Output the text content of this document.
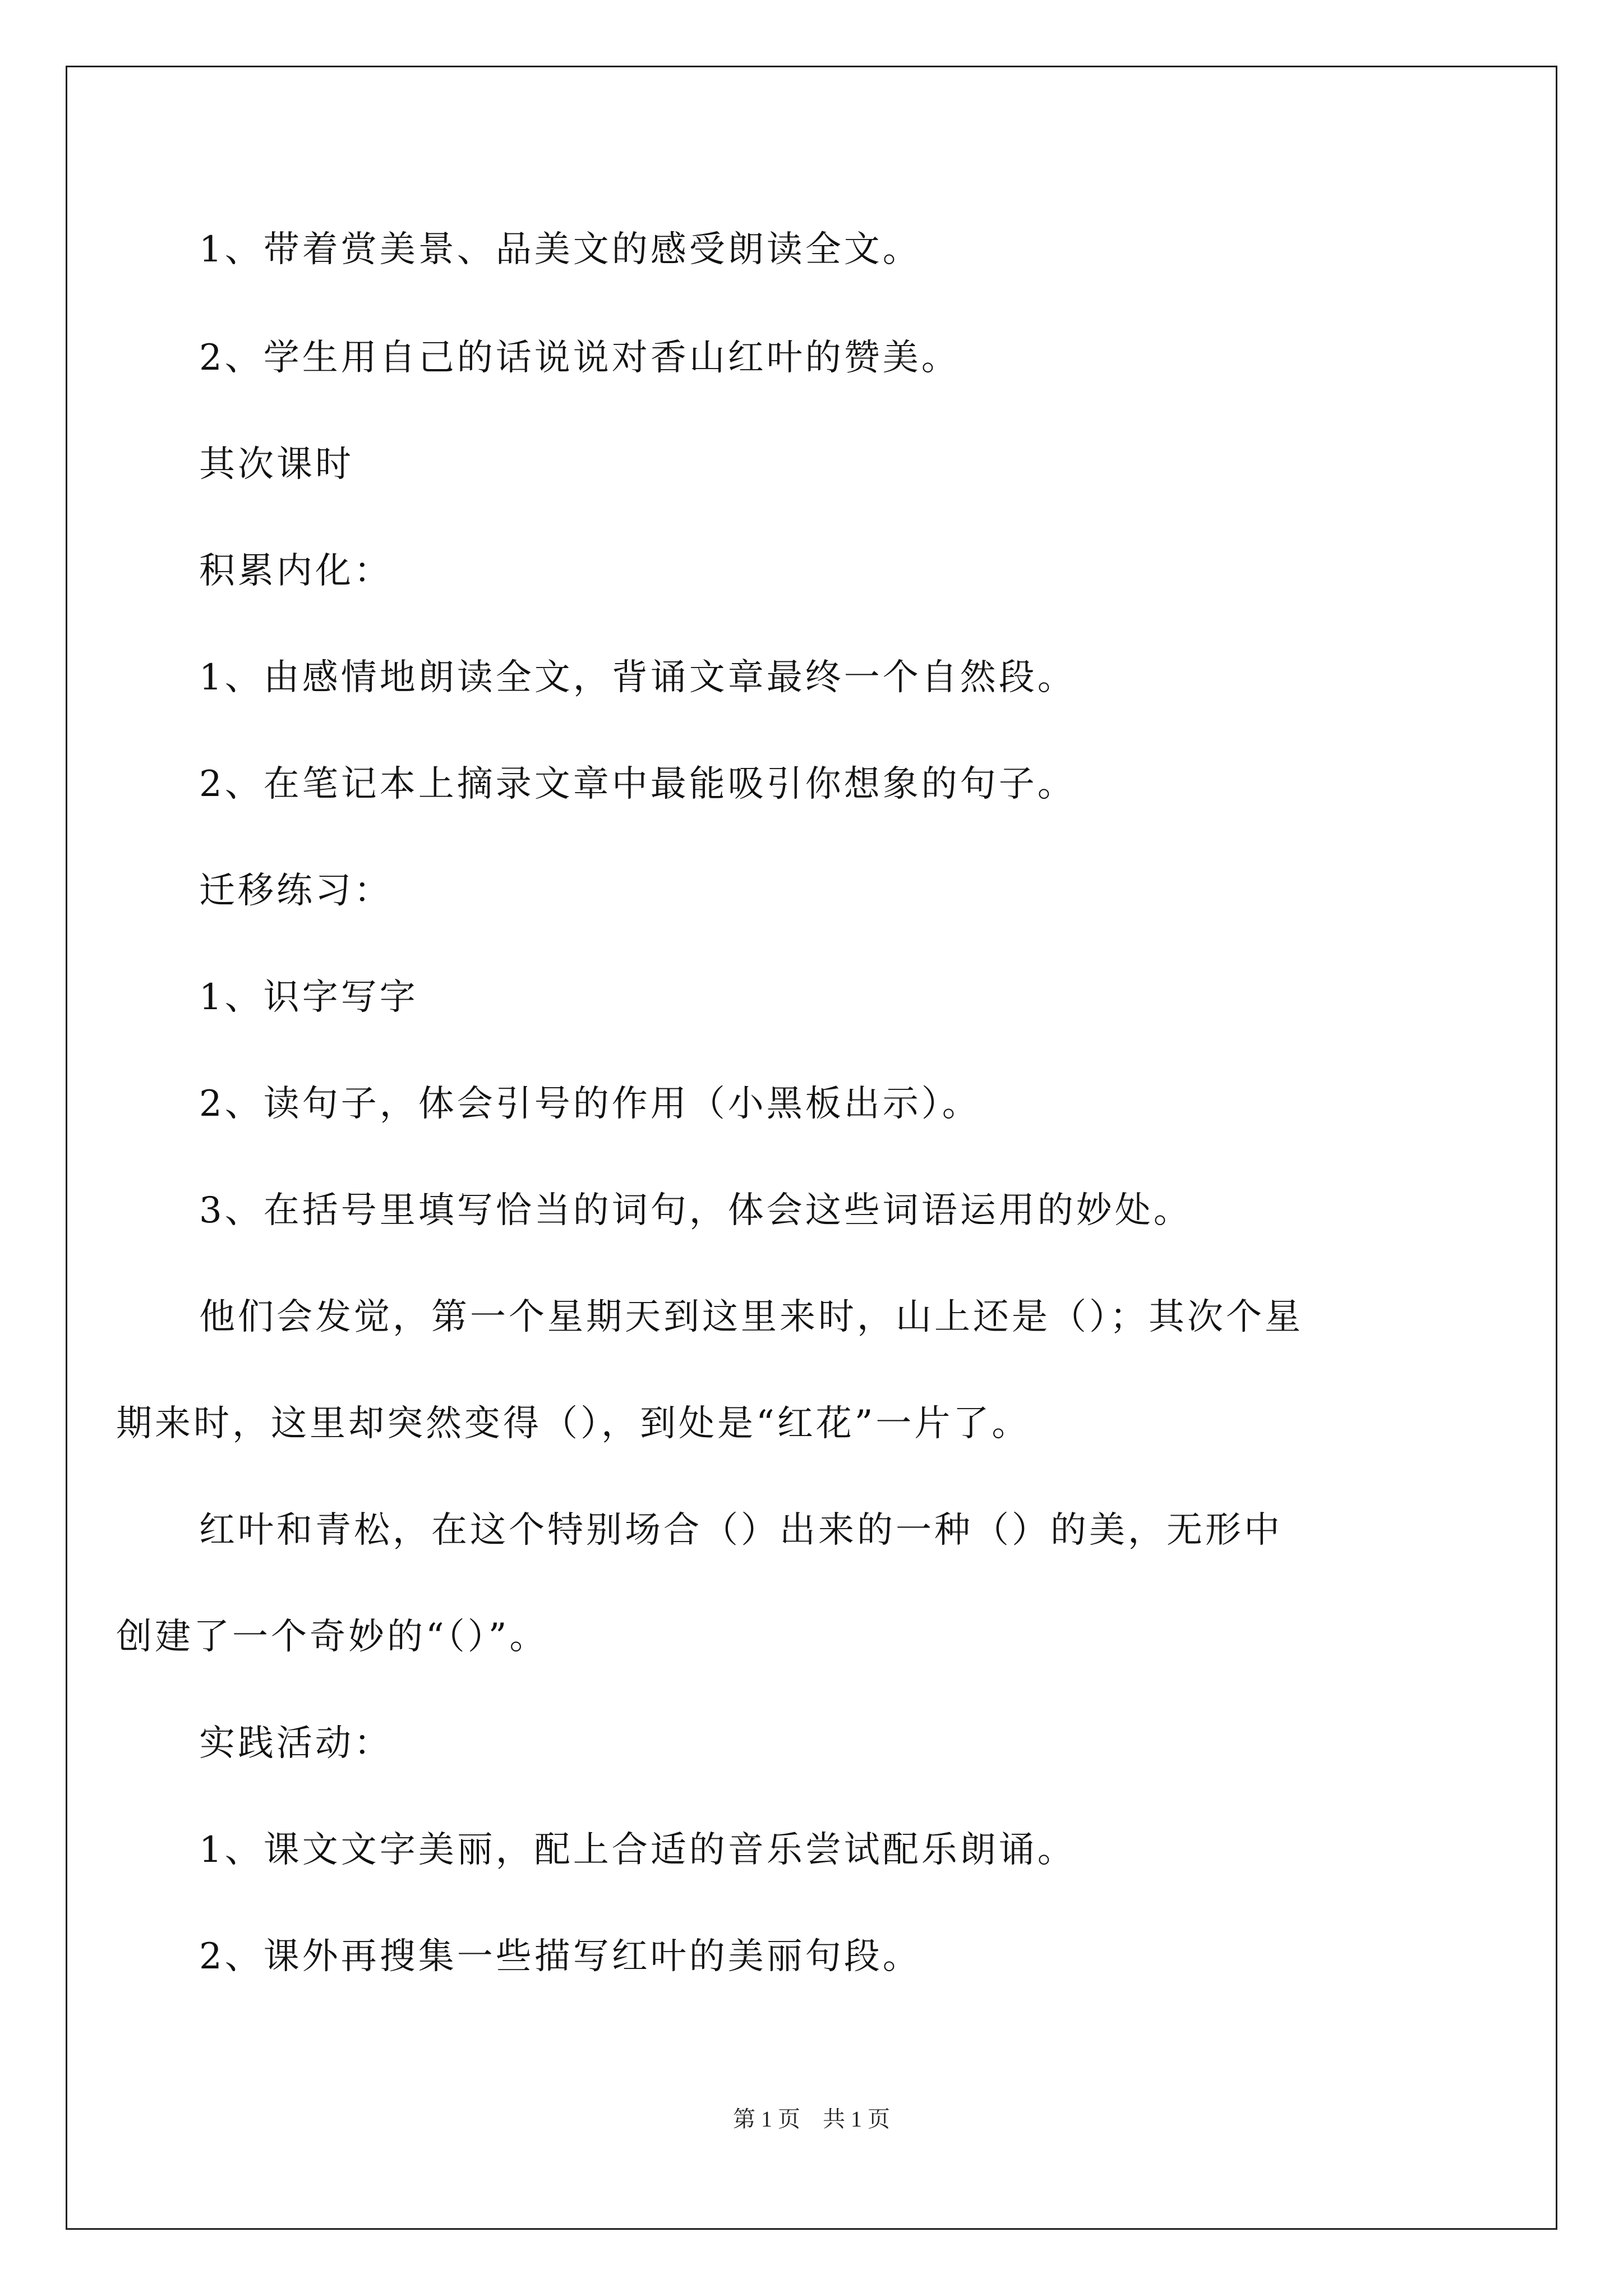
1、带着赏美景、品美文的感受朗读全文。
2、学生用自己的话说说对香山红叶的赞美。
其次课时
积累内化：
1、由感情地朗读全文，背诵文章最终一个自然段。
2、在笔记本上摘录文章中最能吸引你想象的句子。
迁移练习：
1、识字写字
2、读句子，体会引号的作用（小黑板出示）。
3、在括号里填写恰当的词句，体会这些词语运用的妙处。
他们会发觉，第一个星期天到这里来时，山上还是（）；其次个星
期来时，这里却突然变得（），到处是“红花”一片了。
红叶和青松，在这个特别场合（）出来的一种（）的美，无形中
创建了一个奇妙的“（）”。
实践活动：
1、课文文字美丽，配上合适的音乐尝试配乐朗诵。
2、课外再搜集一些描写红叶的美丽句段。
第 1 页　共 1 页
